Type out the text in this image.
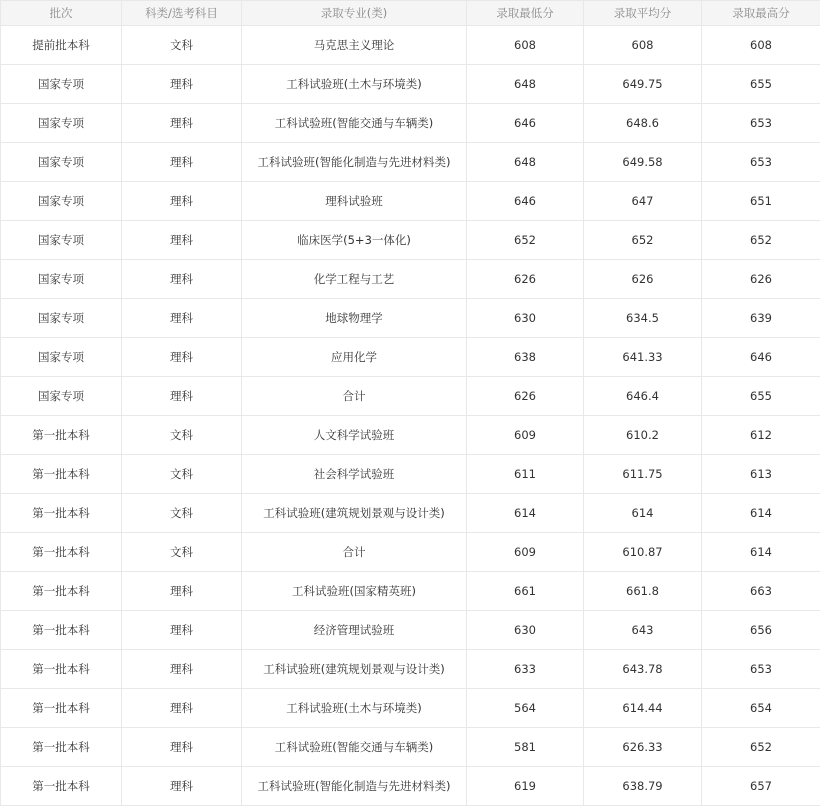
批次	科类/选考科目	录取专业(类)	录取最低分	录取平均分	录取最高分
提前批本科	文科	马克思主义理论	608	608	608
国家专项	理科	工科试验班(土木与环境类)	648	649.75	655
国家专项	理科	工科试验班(智能交通与车辆类)	646	648.6	653
国家专项	理科	工科试验班(智能化制造与先进材料类)	648	649.58	653
国家专项	理科	理科试验班	646	647	651
国家专项	理科	临床医学(5+3一体化)	652	652	652
国家专项	理科	化学工程与工艺	626	626	626
国家专项	理科	地球物理学	630	634.5	639
国家专项	理科	应用化学	638	641.33	646
国家专项	理科	合计	626	646.4	655
第一批本科	文科	人文科学试验班	609	610.2	612
第一批本科	文科	社会科学试验班	611	611.75	613
第一批本科	文科	工科试验班(建筑规划景观与设计类)	614	614	614
第一批本科	文科	合计	609	610.87	614
第一批本科	理科	工科试验班(国家精英班)	661	661.8	663
第一批本科	理科	经济管理试验班	630	643	656
第一批本科	理科	工科试验班(建筑规划景观与设计类)	633	643.78	653
第一批本科	理科	工科试验班(土木与环境类)	564	614.44	654
第一批本科	理科	工科试验班(智能交通与车辆类)	581	626.33	652
第一批本科	理科	工科试验班(智能化制造与先进材料类)	619	638.79	657
